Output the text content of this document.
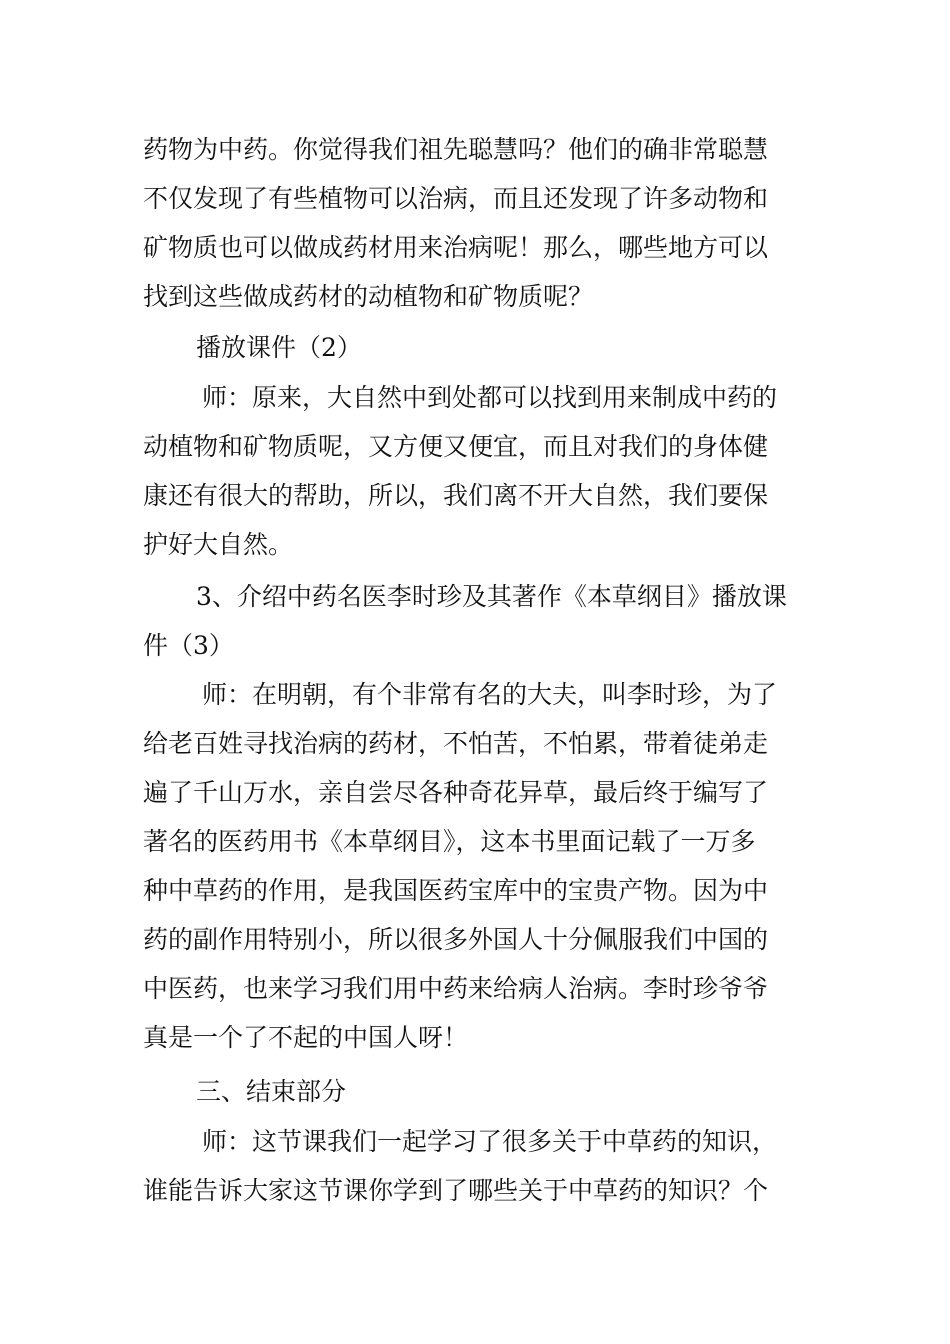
药物为中药。你觉得我们祖先聪慧吗？他们的确非常聪慧
不仅发现了有些植物可以治病，而且还发现了许多动物和
矿物质也可以做成药材用来治病呢！那么，哪些地方可以
找到这些做成药材的动植物和矿物质呢？
播放课件（2）
师：原来，大自然中到处都可以找到用来制成中药的
动植物和矿物质呢，又方便又便宜，而且对我们的身体健
康还有很大的帮助，所以，我们离不开大自然，我们要保
护好大自然。
3、介绍中药名医李时珍及其著作《本草纲目》播放课
件（3）
师：在明朝，有个非常有名的大夫，叫李时珍，为了
给老百姓寻找治病的药材，不怕苦，不怕累，带着徒弟走
遍了千山万水，亲自尝尽各种奇花异草，最后终于编写了
著名的医药用书《本草纲目》，这本书里面记载了一万多
种中草药的作用，是我国医药宝库中的宝贵产物。因为中
药的副作用特别小，所以很多外国人十分佩服我们中国的
中医药，也来学习我们用中药来给病人治病。李时珍爷爷
真是一个了不起的中国人呀！
三、结束部分
师：这节课我们一起学习了很多关于中草药的知识，
谁能告诉大家这节课你学到了哪些关于中草药的知识？个
